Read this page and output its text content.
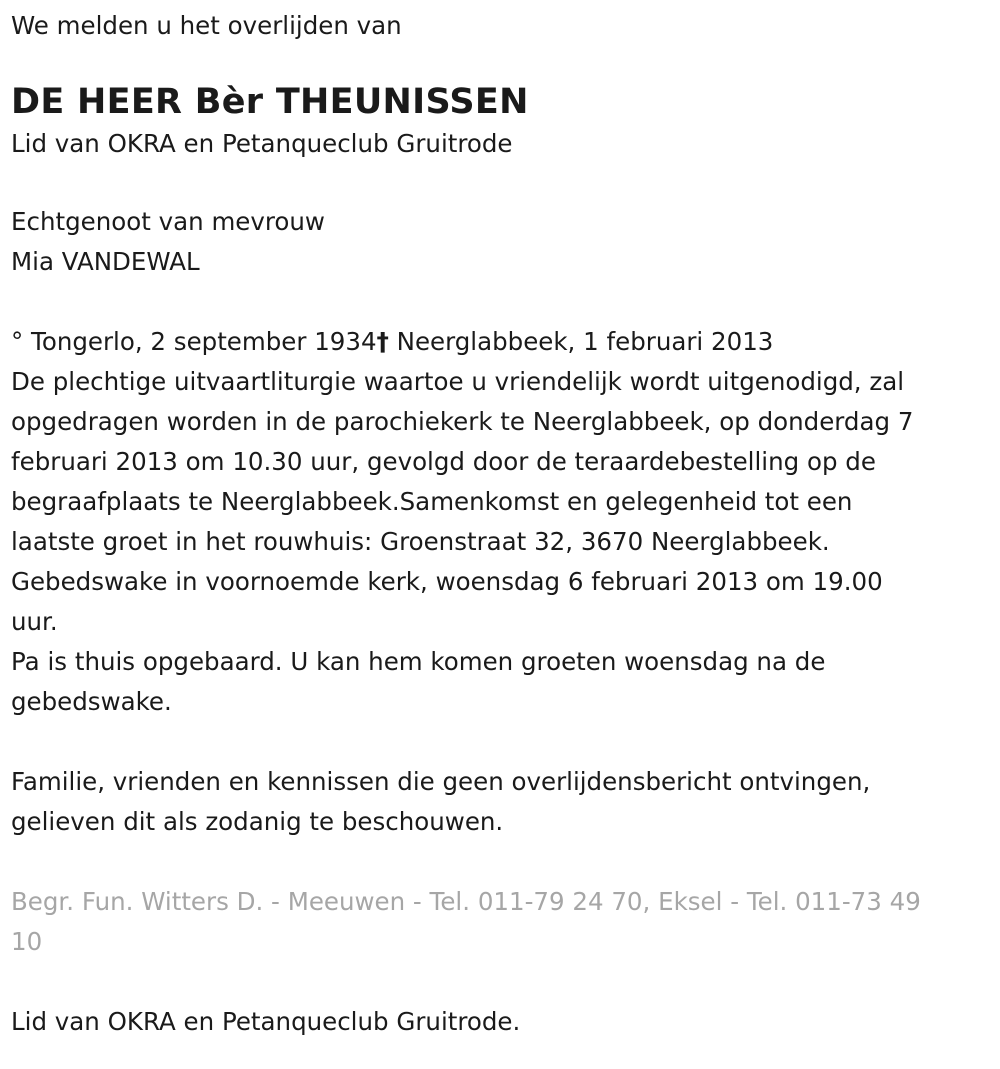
We melden u het overlijden van

DE HEER Bèr THEUNISSEN

Lid van OKRA en Petanqueclub Gruitrode

Echtgenoot van mevrouw

Mia VANDEWAL

° Tongerlo, 2 september 1934† Neerglabbeek, 1 februari 2013

De plechtige uitvaartliturgie waartoe u vriendelijk wordt uitgenodigd, zal

opgedragen worden in de parochiekerk te Neerglabbeek, op donderdag 7

februari 2013 om 10.30 uur, gevolgd door de teraardebestelling op de

begraafplaats te Neerglabbeek.Samenkomst en gelegenheid tot een

laatste groet in het rouwhuis: Groenstraat 32, 3670 Neerglabbeek.

Gebedswake in voornoemde kerk, woensdag 6 februari 2013 om 19.00

uur.

Pa is thuis opgebaard. U kan hem komen groeten woensdag na de

gebedswake.

Familie, vrienden en kennissen die geen overlijdensbericht ontvingen,

gelieven dit als zodanig te beschouwen.

Begr. Fun. Witters D. - Meeuwen - Tel. 011-79 24 70, Eksel - Tel. 011-73 49

10

Lid van OKRA en Petanqueclub Gruitrode.
